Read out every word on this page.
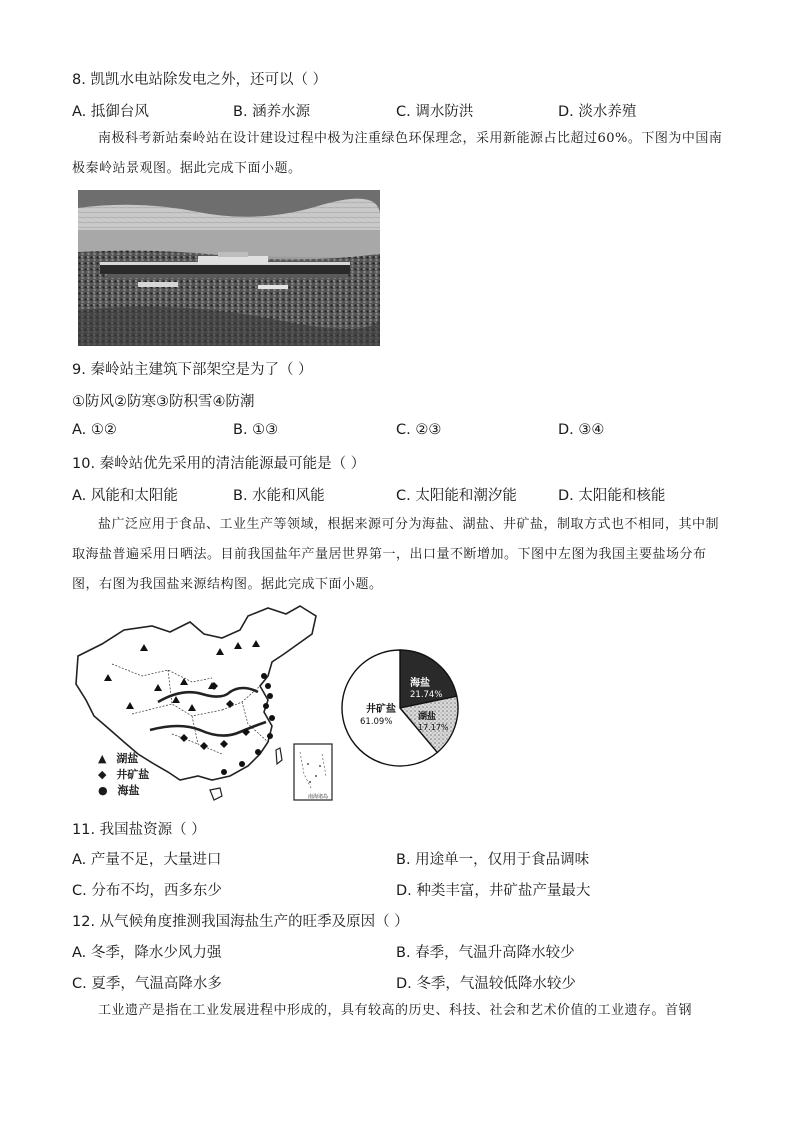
8. 凯凯水电站除发电之外，还可以（ ）
A. 抵御台风	B. 涵养水源	C. 调水防洪	D. 淡水养殖
南极科考新站秦岭站在设计建设过程中极为注重绿色环保理念，采用新能源占比超过60%。下图为中国南极秦岭站景观图。据此完成下面小题。
9. 秦岭站主建筑下部架空是为了（ ）
①防风②防寒③防积雪④防潮
A. ①②	B. ①③	C. ②③	D. ③④
10. 秦岭站优先采用的清洁能源最可能是（ ）
A. 风能和太阳能	B. 水能和风能	C. 太阳能和潮汐能	D. 太阳能和核能
盐广泛应用于食品、工业生产等领域，根据来源可分为海盐、湖盐、井矿盐，制取方式也不相同，其中制取海盐普遍采用日晒法。目前我国盐年产量居世界第一，出口量不断增加。下图中左图为我国主要盐场分布图，右图为我国盐来源结构图。据此完成下面小题。
南海诸岛
▲ 湖盐
◆ 井矿盐
● 海盐
井矿盐
61.09%
海盐
21.74%
湖盐
17.17%
11. 我国盐资源（ ）
A. 产量不足，大量进口	B. 用途单一，仅用于食品调味
C. 分布不均，西多东少	D. 种类丰富，井矿盐产量最大
12. 从气候角度推测我国海盐生产的旺季及原因（ ）
A. 冬季，降水少风力强	B. 春季，气温升高降水较少
C. 夏季，气温高降水多	D. 冬季，气温较低降水较少
工业遗产是指在工业发展进程中形成的，具有较高的历史、科技、社会和艺术价值的工业遗存。首钢
